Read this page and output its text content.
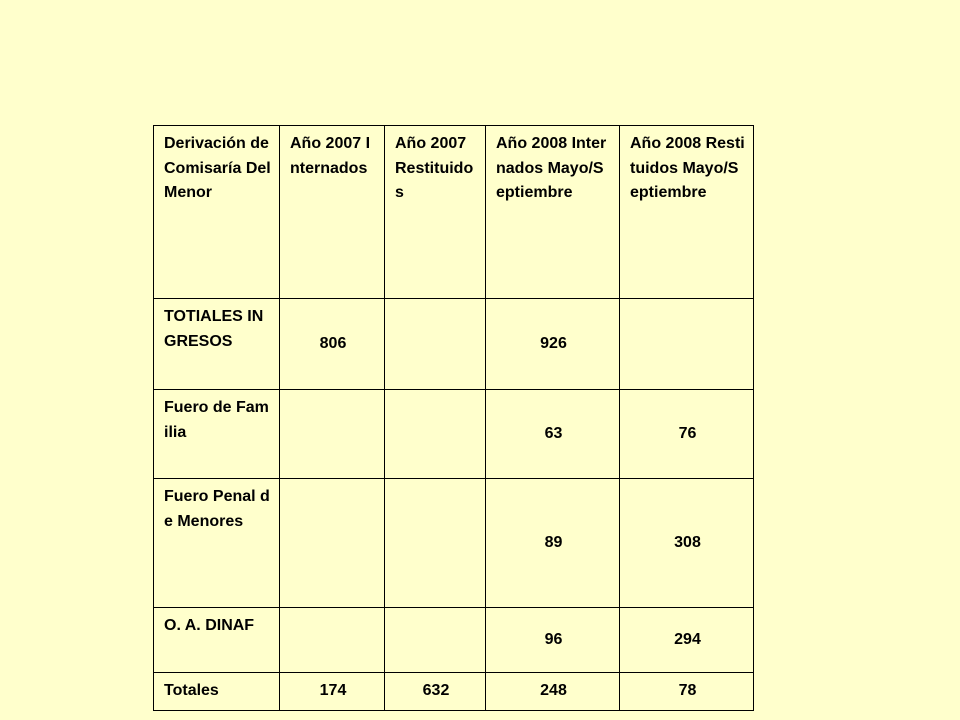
Derivación de Comisaría Del Menor	Año 2007 Internados	Año 2007 Restituidos	Año 2008 Internados Mayo/Septiembre	Año 2008 Restituidos Mayo/Septiembre
TOTIALES INGRESOS	806		926	
Fuero de Familia			63	76
Fuero Penal de Menores			89	308
O. A. DINAF			96	294
Totales	174	632	248	78
